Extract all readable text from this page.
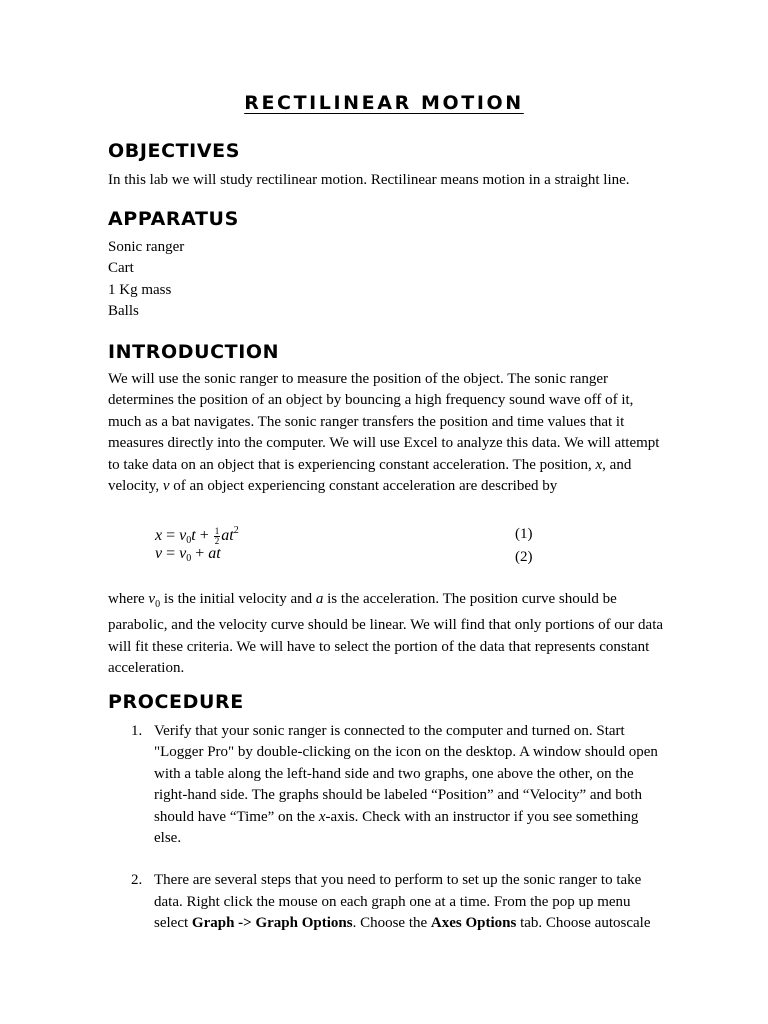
RECTILINEAR MOTION
OBJECTIVES

In this lab we will study rectilinear motion. Rectilinear means motion in a straight line.

APPARATUS
Sonic ranger
Cart
1 Kg mass
Balls
INTRODUCTION

We will use the sonic ranger to measure the position of the object. The sonic ranger determines the position of an object by bouncing a high frequency sound wave off of it, much as a bat navigates. The sonic ranger transfers the position and time values that it measures directly into the computer. We will use Excel to analyze this data. We will attempt to take data on an object that is experiencing constant acceleration. The position, x, and velocity, v of an object experiencing constant acceleration are described by

$x = v_0t + \frac{1}{2} at^2$	(1)
$v = v_0$ + at	(2)

where $v_0$ is the initial velocity and a is the acceleration. The position curve should be parabolic, and the velocity curve should be linear. We will find that only portions of our data will fit these criteria. We will have to select the portion of the data that represents constant acceleration.

PROCEDURE
1. Verify that your sonic ranger is connected to the computer and turned on. Start "Logger Pro" by double-clicking on the icon on the desktop. A window should open with a table along the left-hand side and two graphs, one above the other, on the right-hand side. The graphs should be labeled “Position” and “Velocity” and both should have “Time” on the x-axis. Check with an instructor if you see something else.
2. There are several steps that you need to perform to set up the sonic ranger to take data. Right click the mouse on each graph one at a time. From the pop up menu select Graph -> Graph Options. Choose the Axes Options tab. Choose autoscale
